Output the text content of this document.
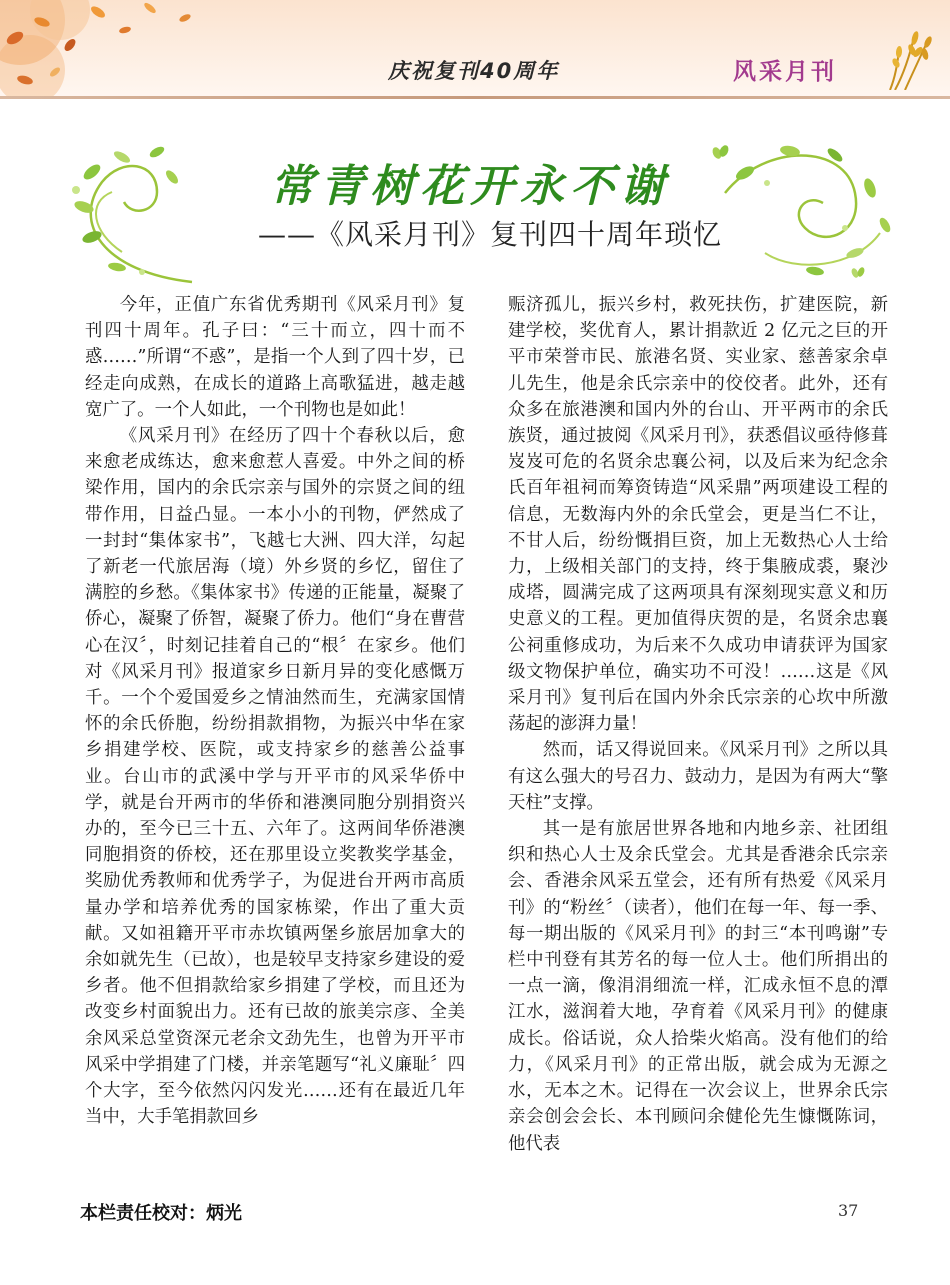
庆祝复刊40周年	风采月刊
常青树花开永不谢
——《风采月刊》复刊四十周年琐忆

今年，正值广东省优秀期刊《风采月刊》复刊四十周年。孔子曰：“三十而立，四十而不惑……”所谓“不惑”，是指一个人到了四十岁，已经走向成熟，在成长的道路上高歌猛进，越走越宽广了。一个人如此，一个刊物也是如此！

《风采月刊》在经历了四十个春秋以后，愈来愈老成练达，愈来愈惹人喜爱。中外之间的桥梁作用，国内的余氏宗亲与国外的宗贤之间的纽带作用，日益凸显。一本小小的刊物，俨然成了一封封“集体家书”，飞越七大洲、四大洋，勾起了新老一代旅居海（境）外乡贤的乡忆，留住了满腔的乡愁。《集体家书》传递的正能量，凝聚了侨心，凝聚了侨智，凝聚了侨力。他们“身在曹营心在汉〞，时刻记挂着自己的“根〞在家乡。他们对《风采月刊》报道家乡日新月异的变化感慨万千。一个个爱国爱乡之情油然而生，充满家国情怀的余氏侨胞，纷纷捐款捐物，为振兴中华在家乡捐建学校、医院，或支持家乡的慈善公益事业。台山市的武溪中学与开平市的风采华侨中学，就是台开两市的华侨和港澳同胞分别捐资兴办的，至今已三十五、六年了。这两间华侨港澳同胞捐资的侨校，还在那里设立奖教奖学基金，奖励优秀教师和优秀学子，为促进台开两市高质量办学和培养优秀的国家栋梁，作出了重大贡献。又如祖籍开平市赤坎镇两堡乡旅居加拿大的余如就先生（已故），也是较早支持家乡建设的爱乡者。他不但捐款给家乡捐建了学校，而且还为改变乡村面貌出力。还有已故的旅美宗彦、全美余风采总堂资深元老余文劲先生，也曾为开平市风采中学捐建了门楼，并亲笔题写“礼义廉耻〞四个大字，至今依然闪闪发光……还有在最近几年当中，大手笔捐款回乡

赈济孤儿，振兴乡村，救死扶伤，扩建医院，新建学校，奖优育人，累计捐款近 2 亿元之巨的开平市荣誉市民、旅港名贤、实业家、慈善家余卓儿先生，他是余氏宗亲中的佼佼者。此外，还有众多在旅港澳和国内外的台山、开平两市的余氏族贤，通过披阅《风采月刊》，获悉倡议亟待修葺岌岌可危的名贤余忠襄公祠，以及后来为纪念余氏百年祖祠而筹资铸造“风采鼎”两项建设工程的信息，无数海内外的余氏堂会，更是当仁不让，不甘人后，纷纷慨捐巨资，加上无数热心人士给力，上级相关部门的支持，终于集腋成裘，聚沙成塔，圆满完成了这两项具有深刻现实意义和历史意义的工程。更加值得庆贺的是，名贤余忠襄公祠重修成功，为后来不久成功申请获评为国家级文物保护单位，确实功不可没！……这是《风采月刊》复刊后在国内外余氏宗亲的心坎中所激荡起的澎湃力量！

然而，话又得说回来。《风采月刊》之所以具有这么强大的号召力、鼓动力，是因为有两大“擎天柱”支撑。

其一是有旅居世界各地和内地乡亲、社团组织和热心人士及余氏堂会。尤其是香港余氏宗亲会、香港余风采五堂会，还有所有热爱《风采月刊》的“粉丝〞（读者），他们在每一年、每一季、每一期出版的《风采月刊》的封三“本刊鸣谢”专栏中刊登有其芳名的每一位人士。他们所捐出的一点一滴，像涓涓细流一样，汇成永恒不息的潭江水，滋润着大地，孕育着《风采月刊》的健康成长。俗话说，众人拾柴火焰高。没有他们的给力，《风采月刊》的正常出版，就会成为无源之水，无本之木。记得在一次会议上，世界余氏宗亲会创会会长、本刊顾问余健伦先生慷慨陈词，他代表

本栏责任校对：炳光	37
